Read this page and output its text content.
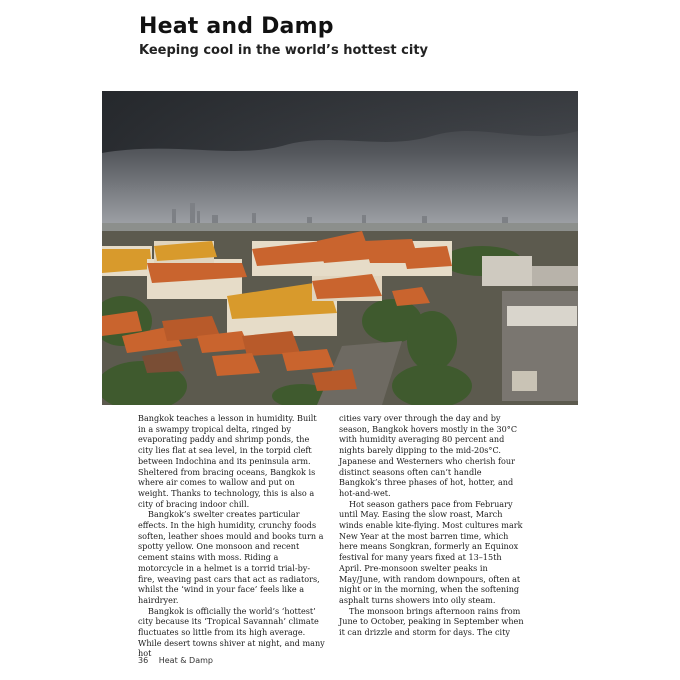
Heat and Damp
Keeping cool in the world’s hottest city

Bangkok teaches a lesson in humidity. Built in a swampy tropical delta, ringed by evaporating paddy and shrimp ponds, the city lies flat at sea level, in the torpid cleft between Indochina and its peninsula arm. Sheltered from bracing oceans, Bangkok is where air comes to wallow and put on weight. Thanks to technology, this is also a city of bracing indoor chill.

Bangkok’s swelter creates particular effects. In the high humidity, crunchy foods soften, leather shoes mould and books turn a spotty yellow. One monsoon and recent cement stains with moss. Riding a motorcycle in a helmet is a torrid trial-by-fire, weaving past cars that act as radiators, whilst the ‘wind in your face’ feels like a hairdryer.

Bangkok is officially the world’s ‘hottest’ city because its ‘Tropical Savannah’ climate fluctuates so little from its high average. While desert towns shiver at night, and many hot

cities vary over through the day and by season, Bangkok hovers mostly in the 30°C with humidity averaging 80 percent and nights barely dipping to the mid-20s°C. Japanese and Westerners who cherish four distinct seasons often can’t handle Bangkok’s three phases of hot, hotter, and hot-and-wet.

Hot season gathers pace from February until May. Easing the slow roast, March winds enable kite-flying. Most cultures mark New Year at the most barren time, which here means Songkran, formerly an Equinox festival for many years fixed at 13–15th April. Pre-monsoon swelter peaks in May/June, with random downpours, often at night or in the morning, when the softening asphalt turns showers into oily steam.

The monsoon brings afternoon rains from June to October, peaking in September when it can drizzle and storm for days. The city

36 Heat & Damp
